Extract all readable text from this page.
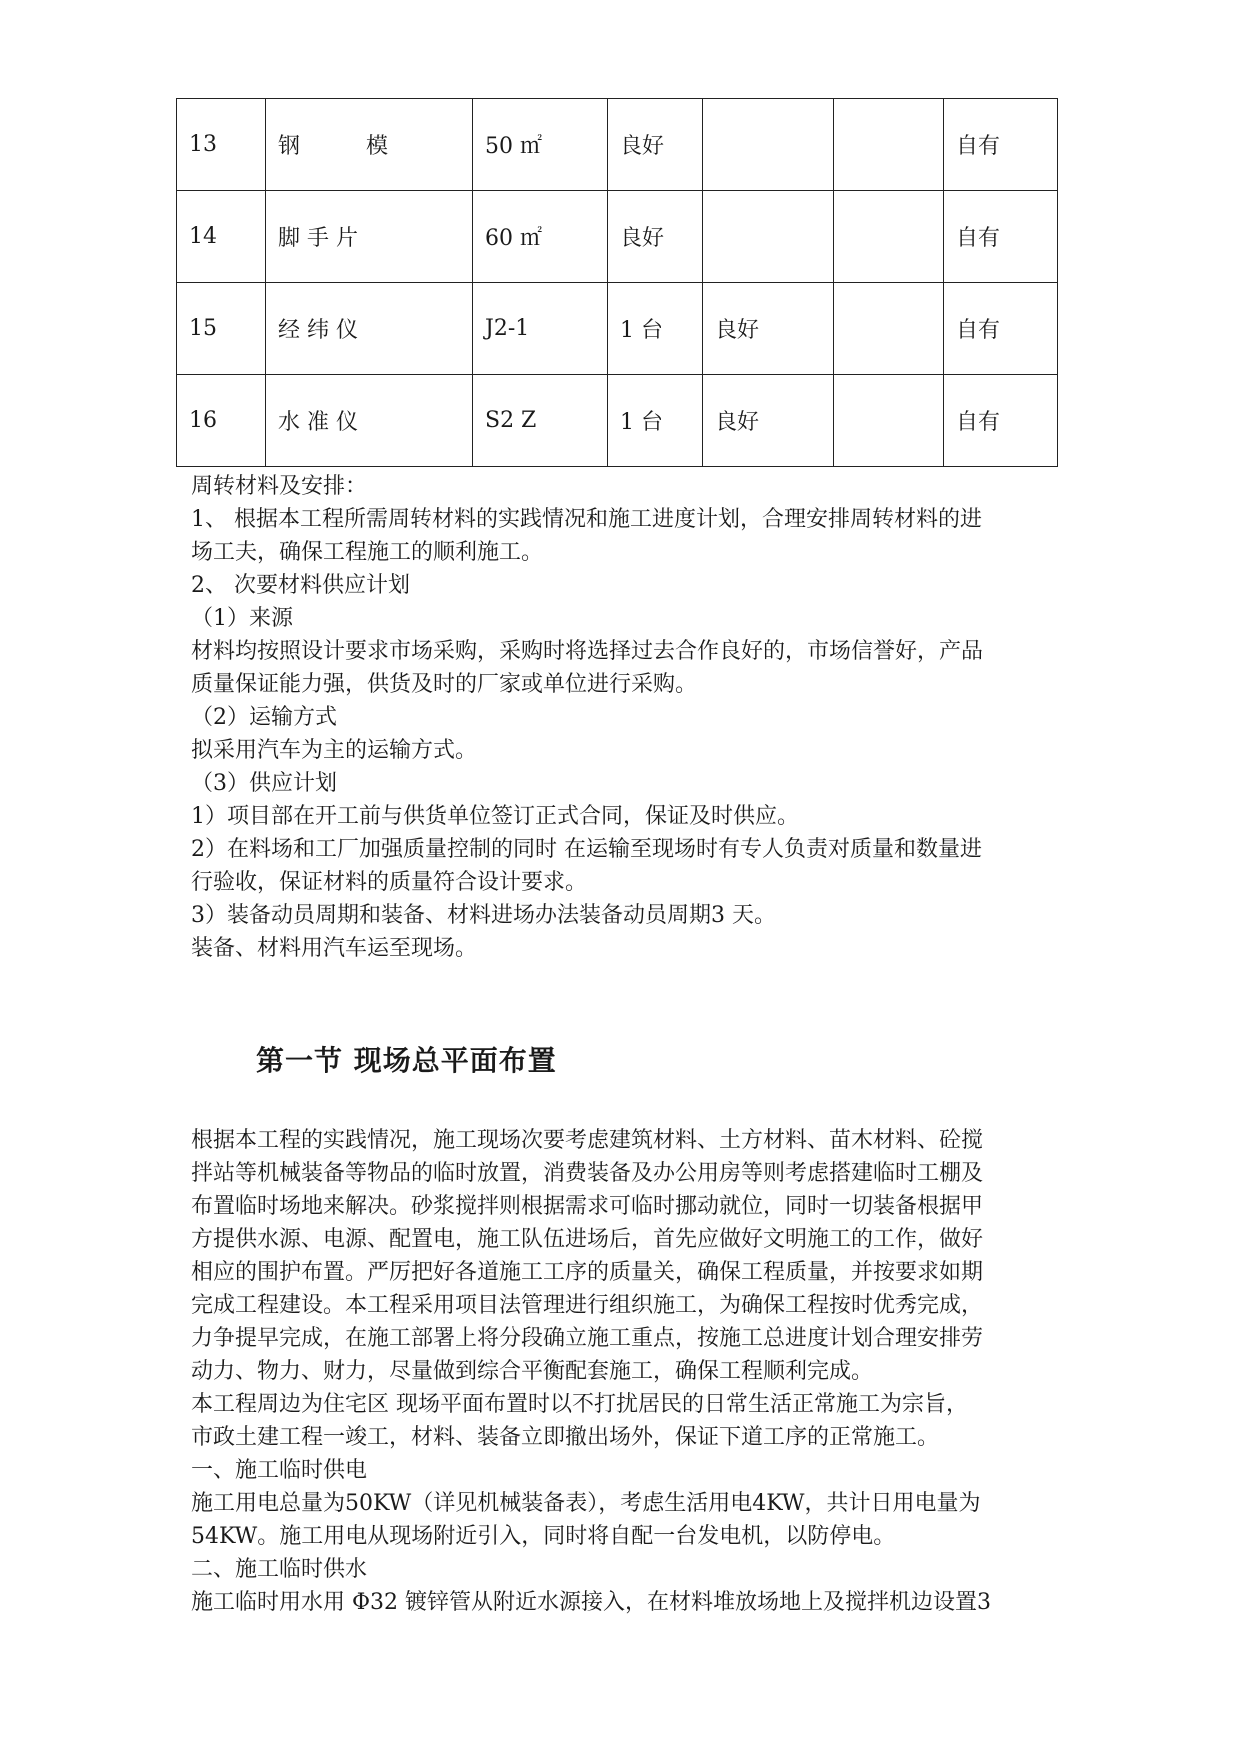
13	钢　　　模	50 ㎡	良好			自有
14	脚 手 片	60 ㎡	良好			自有
15	经 纬 仪	J2-1	1 台	良好		自有
16	水 准 仪	S2 Z	1 台	良好		自有

周转材料及安排：

1、 根据本工程所需周转材料的实践情况和施工进度计划，合理安排周转材料的进

场工夫，确保工程施工的顺利施工。

2、 次要材料供应计划

（1）来源

材料均按照设计要求市场采购，采购时将选择过去合作良好的，市场信誉好，产品

质量保证能力强，供货及时的厂家或单位进行采购。

（2）运输方式

拟采用汽车为主的运输方式。

（3）供应计划

1）项目部在开工前与供货单位签订正式合同，保证及时供应。

2）在料场和工厂加强质量控制的同时 在运输至现场时有专人负责对质量和数量进

行验收，保证材料的质量符合设计要求。

3）装备动员周期和装备、材料进场办法装备动员周期3 天。

装备、材料用汽车运至现场。

第一节 现场总平面布置

根据本工程的实践情况，施工现场次要考虑建筑材料、土方材料、苗木材料、砼搅

拌站等机械装备等物品的临时放置，消费装备及办公用房等则考虑搭建临时工棚及

布置临时场地来解决。砂浆搅拌则根据需求可临时挪动就位，同时一切装备根据甲

方提供水源、电源、配置电，施工队伍进场后，首先应做好文明施工的工作，做好

相应的围护布置。严厉把好各道施工工序的质量关，确保工程质量，并按要求如期

完成工程建设。本工程采用项目法管理进行组织施工，为确保工程按时优秀完成，

力争提早完成，在施工部署上将分段确立施工重点，按施工总进度计划合理安排劳

动力、物力、财力，尽量做到综合平衡配套施工，确保工程顺利完成。

本工程周边为住宅区 现场平面布置时以不打扰居民的日常生活正常施工为宗旨，

市政土建工程一竣工，材料、装备立即撤出场外，保证下道工序的正常施工。

一、施工临时供电

施工用电总量为50KW（详见机械装备表），考虑生活用电4KW，共计日用电量为

54KW。施工用电从现场附近引入，同时将自配一台发电机，以防停电。

二、施工临时供水

施工临时用水用 Φ32 镀锌管从附近水源接入，在材料堆放场地上及搅拌机边设置3
